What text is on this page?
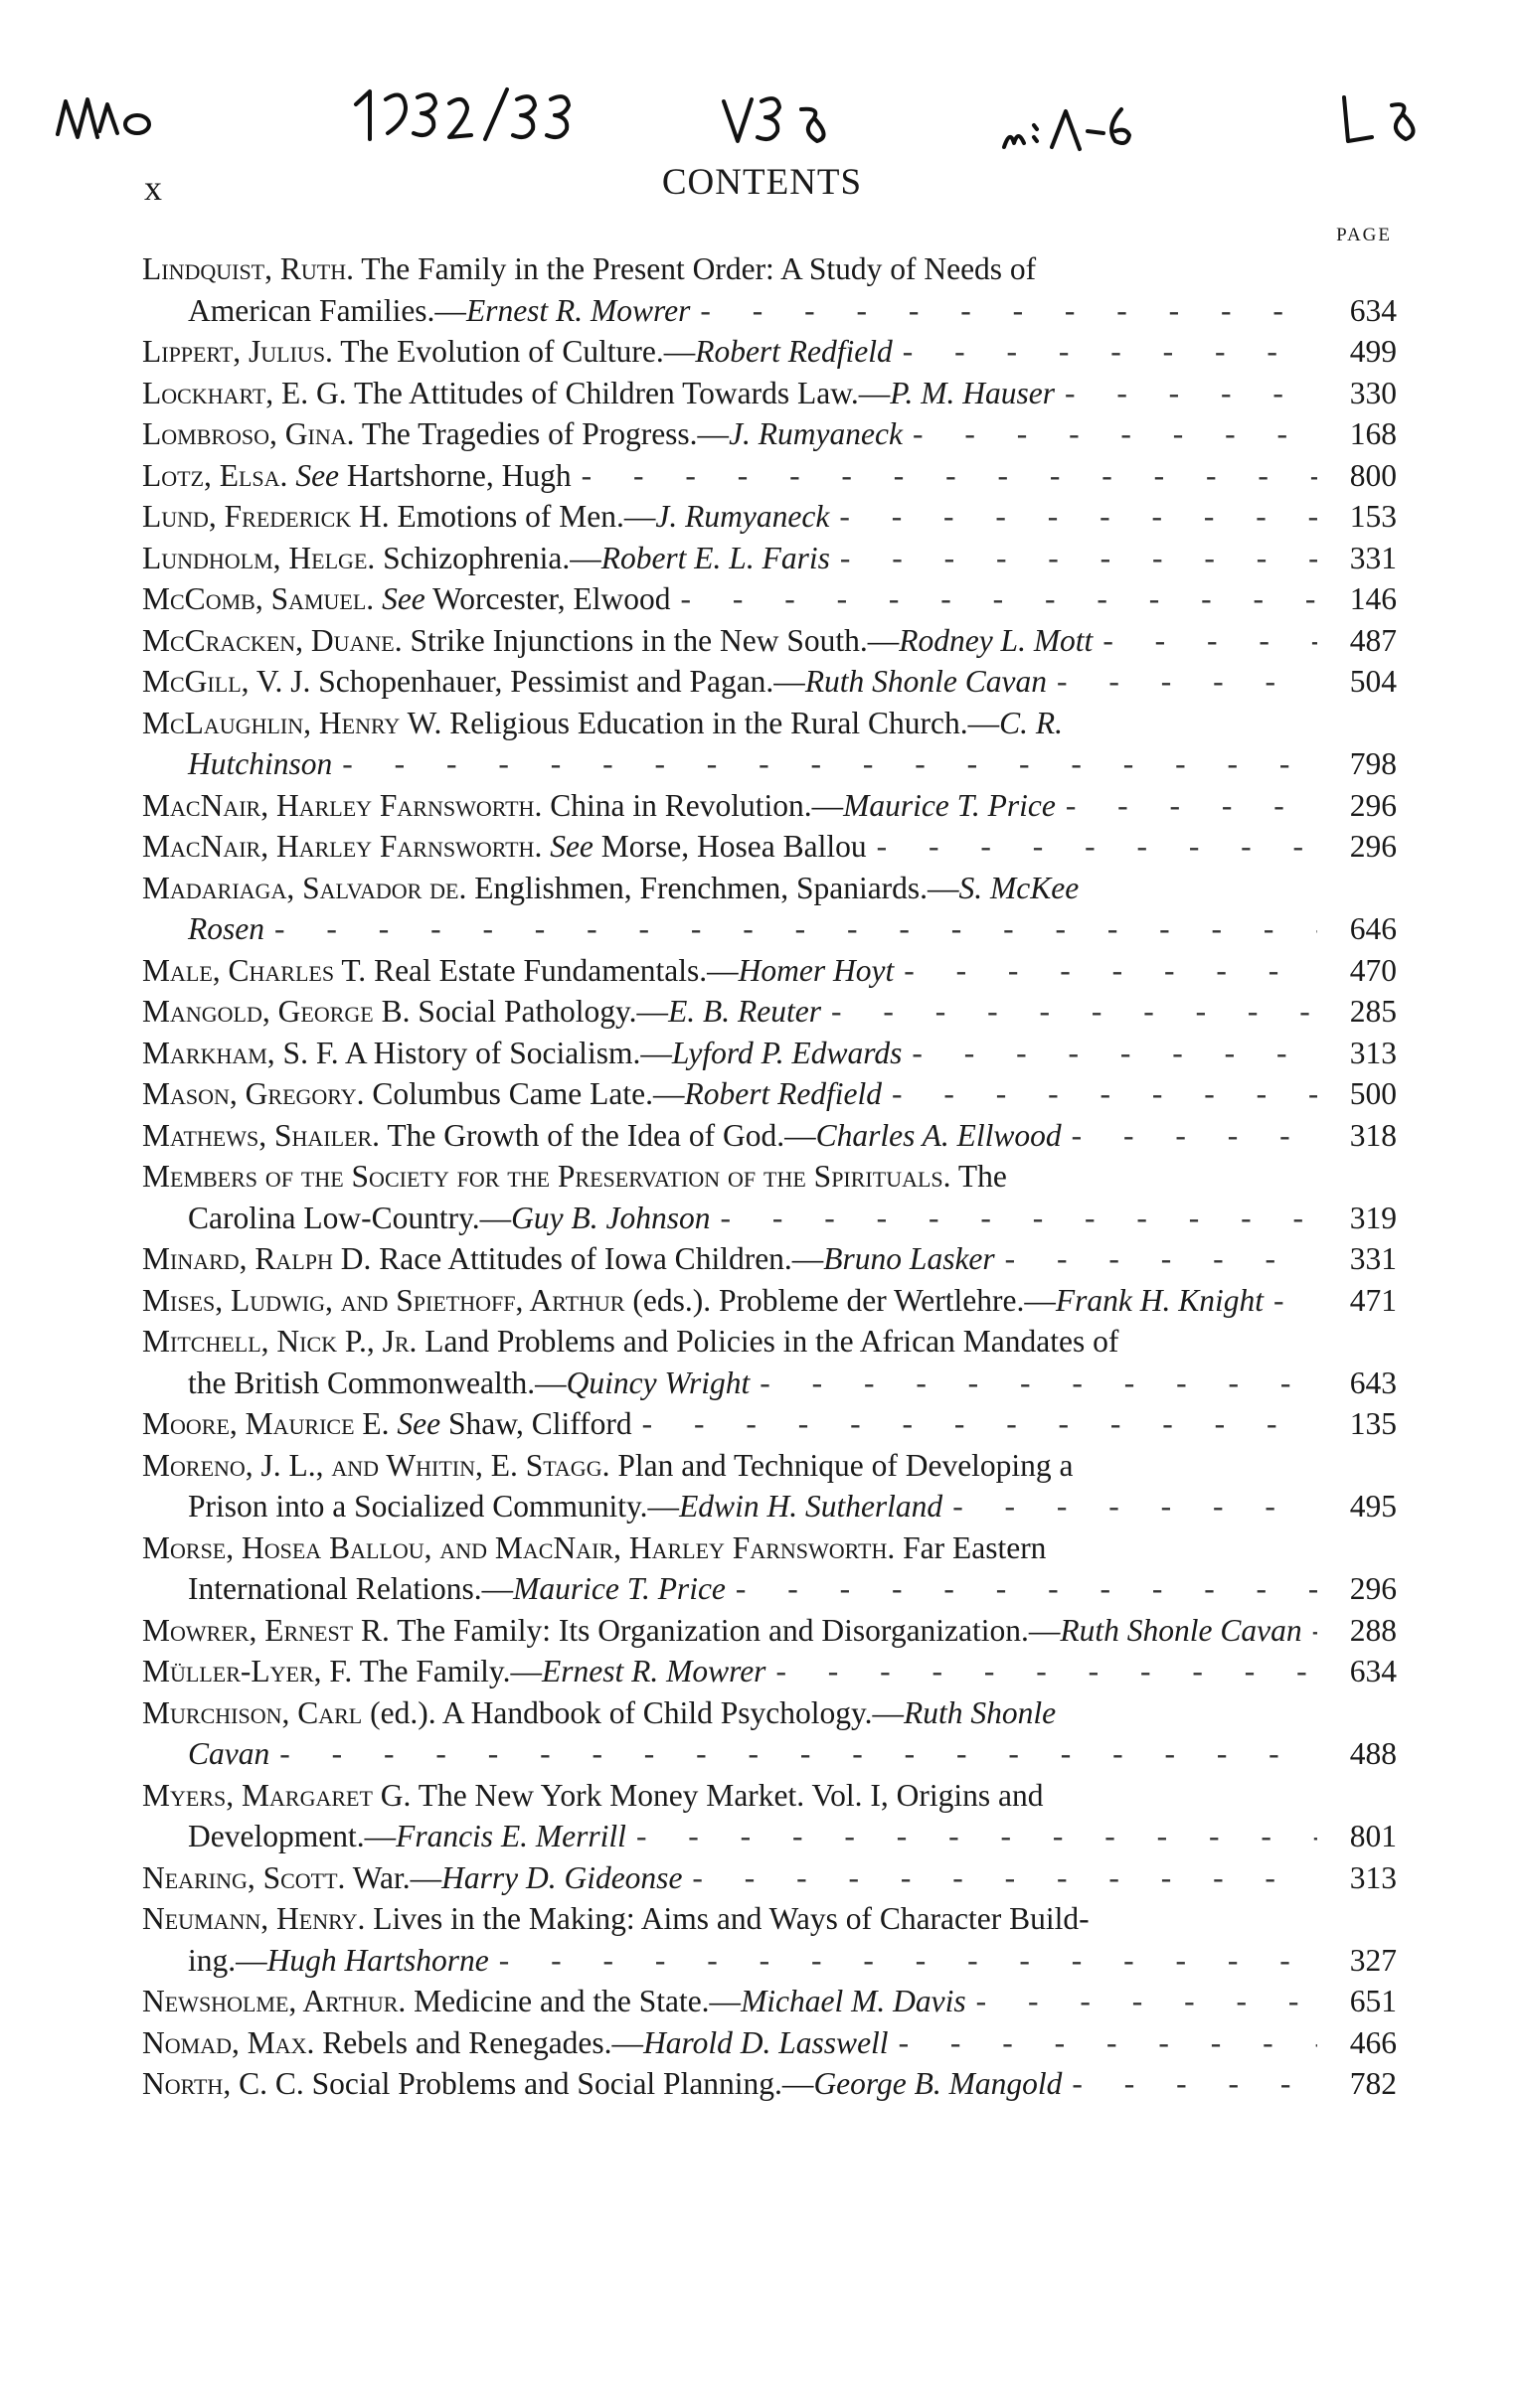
x	CONTENTS
PAGE
Lindquist, Ruth. The Family in the Present Order: A Study of Needs of
American Families.—Ernest R. Mowrer - - -	634
Lippert, Julius. The Evolution of Culture.—Robert Redfield - - -	499
Lockhart, E. G. The Attitudes of Children Towards Law.—P. M. Hauser - - -	330
Lombroso, Gina. The Tragedies of Progress.—J. Rumyaneck - - -	168
Lotz, Elsa. See Hartshorne, Hugh - - -	800
Lund, Frederick H. Emotions of Men.—J. Rumyaneck - - -	153
Lundholm, Helge. Schizophrenia.—Robert E. L. Faris - - -	331
McComb, Samuel. See Worcester, Elwood - - -	146
McCracken, Duane. Strike Injunctions in the New South.—Rodney L. Mott - - -	487
McGill, V. J. Schopenhauer, Pessimist and Pagan.—Ruth Shonle Cavan - - -	504
McLaughlin, Henry W. Religious Education in the Rural Church.—C. R.
Hutchinson - - -	798
MacNair, Harley Farnsworth. China in Revolution.—Maurice T. Price - - -	296
MacNair, Harley Farnsworth. See Morse, Hosea Ballou - - -	296
Madariaga, Salvador de. Englishmen, Frenchmen, Spaniards.—S. McKee
Rosen - - -	646
Male, Charles T. Real Estate Fundamentals.—Homer Hoyt - - -	470
Mangold, George B. Social Pathology.—E. B. Reuter - - -	285
Markham, S. F. A History of Socialism.—Lyford P. Edwards - - -	313
Mason, Gregory. Columbus Came Late.—Robert Redfield - - -	500
Mathews, Shailer. The Growth of the Idea of God.—Charles A. Ellwood - - -	318
Members of the Society for the Preservation of the Spirituals. The
Carolina Low-Country.—Guy B. Johnson - - -	319
Minard, Ralph D. Race Attitudes of Iowa Children.—Bruno Lasker - - -	331
Mises, Ludwig, and Spiethoff, Arthur (eds.). Probleme der Wertlehre.—Frank H. Knight - - -	471
Mitchell, Nick P., Jr. Land Problems and Policies in the African Mandates of
the British Commonwealth.—Quincy Wright - - -	643
Moore, Maurice E. See Shaw, Clifford - - -	135
Moreno, J. L., and Whitin, E. Stagg. Plan and Technique of Developing a
Prison into a Socialized Community.—Edwin H. Sutherland - - -	495
Morse, Hosea Ballou, and MacNair, Harley Farnsworth. Far Eastern
International Relations.—Maurice T. Price - - -	296
Mowrer, Ernest R. The Family: Its Organization and Disorganization.—Ruth Shonle Cavan - - -	288
Müller-Lyer, F. The Family.—Ernest R. Mowrer - - -	634
Murchison, Carl (ed.). A Handbook of Child Psychology.—Ruth Shonle
Cavan - - -	488
Myers, Margaret G. The New York Money Market. Vol. I, Origins and
Development.—Francis E. Merrill - - -	801
Nearing, Scott. War.—Harry D. Gideonse - - -	313
Neumann, Henry. Lives in the Making: Aims and Ways of Character Build-
ing.—Hugh Hartshorne - - -	327
Newsholme, Arthur. Medicine and the State.—Michael M. Davis - - -	651
Nomad, Max. Rebels and Renegades.—Harold D. Lasswell - - -	466
North, C. C. Social Problems and Social Planning.—George B. Mangold - - -	782
